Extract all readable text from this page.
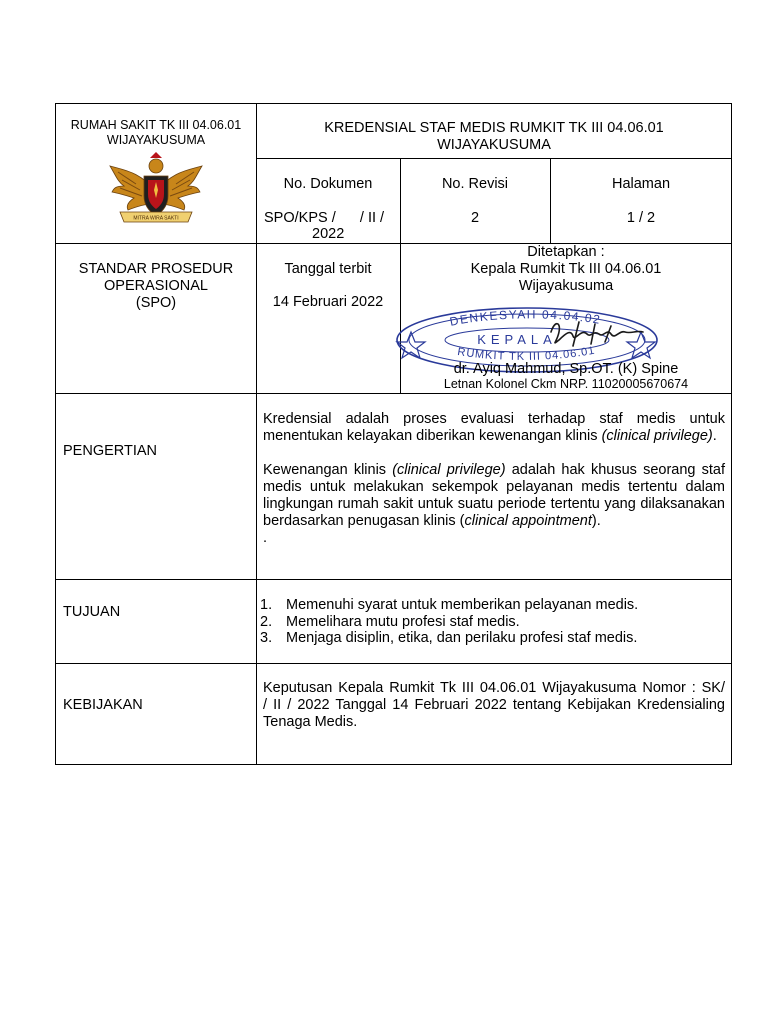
RUMAH SAKIT TK III 04.06.01
WIJAYAKUSUMA
MITRA WIRA SAKTI
KREDENSIAL STAF MEDIS RUMKIT TK III 04.06.01
WIJAYAKUSUMA
No. Dokumen
SPO/KPS /      / II /
2022
No. Revisi
2
Halaman
1 / 2
STANDAR PROSEDUR
OPERASIONAL
(SPO)
Tanggal terbit
14 Februari 2022
Ditetapkan :
Kepala Rumkit Tk III 04.06.01
Wijayakusuma
DENKESYAH 04.04.02
KEPALA
RUMKIT TK III 04.06.01
dr. Ayiq Mahmud, Sp.OT. (K) Spine
Letnan Kolonel Ckm NRP. 11020005670674
PENGERTIAN

Kredensial adalah proses evaluasi terhadap staf medis untuk menentukan kelayakan diberikan kewenangan klinis (clinical privilege).

Kewenangan klinis (clinical privilege) adalah hak khusus seorang staf medis untuk melakukan sekempok pelayanan medis tertentu dalam lingkungan rumah sakit untuk suatu periode tertentu yang dilaksanakan berdasarkan penugasan klinis (clinical appointment).

.

TUJUAN	1. Memenuhi syarat untuk memberikan pelayanan medis.
2. Memelihara mutu profesi staf medis.
3. Menjaga disiplin, etika, dan perilaku profesi staf medis.
KEBIJAKAN
Keputusan Kepala Rumkit Tk III 04.06.01 Wijayakusuma Nomor : SK/       / II / 2022 Tanggal 14 Februari 2022 tentang Kebijakan Kredensialing Tenaga Medis.
